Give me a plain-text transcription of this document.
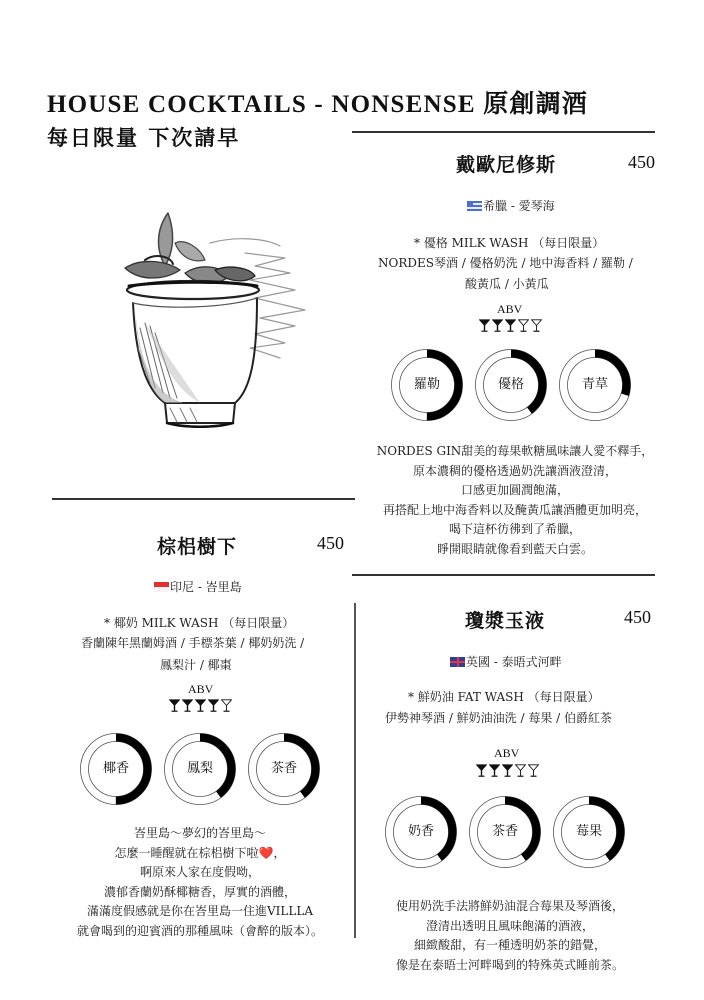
HOUSE COCKTAILS - NONSENSE 原創調酒
每日限量 下次請早
戴歐尼修斯	450
希臘 - 愛琴海
* 優格 MILK WASH （每日限量）
NORDES琴酒 / 優格奶洗 / 地中海香料 / 羅勒 /
酸黃瓜 / 小黃瓜
ABV
羅勒	優格	青草
NORDES GIN甜美的莓果軟糖風味讓人愛不釋手，
原本濃稠的優格透過奶洗讓酒液澄清，
口感更加圓潤飽滿，
再搭配上地中海香料以及醃黃瓜讓酒體更加明亮，
喝下這杯彷彿到了希臘，
睜開眼睛就像看到藍天白雲。
棕梠樹下	450
印尼 - 峇里島
* 椰奶 MILK WASH （每日限量）
香蘭陳年黑蘭姆酒 / 手標茶葉 / 椰奶奶洗 /
鳳梨汁 / 椰棗
ABV
椰香	鳳梨	茶香
峇里島～夢幻的峇里島～
怎麼一睡醒就在棕梠樹下啦❤️，
啊原來人家在度假呦，
濃郁香蘭奶酥椰糖香，厚實的酒體，
滿滿度假感就是你在峇里島一住進VILLLA
就會喝到的迎賓酒的那種風味（會醉的版本）。
瓊漿玉液	450
英國 - 泰晤式河畔
* 鮮奶油 FAT WASH （每日限量）
伊勢神琴酒 / 鮮奶油油洗 / 莓果 / 伯爵紅茶
ABV
奶香	茶香	莓果
使用奶洗手法將鮮奶油混合莓果及琴酒後，
澄清出透明且風味飽滿的酒液，
細緻酸甜，有一種透明奶茶的錯覺，
像是在泰晤士河畔喝到的特殊英式睡前茶。
